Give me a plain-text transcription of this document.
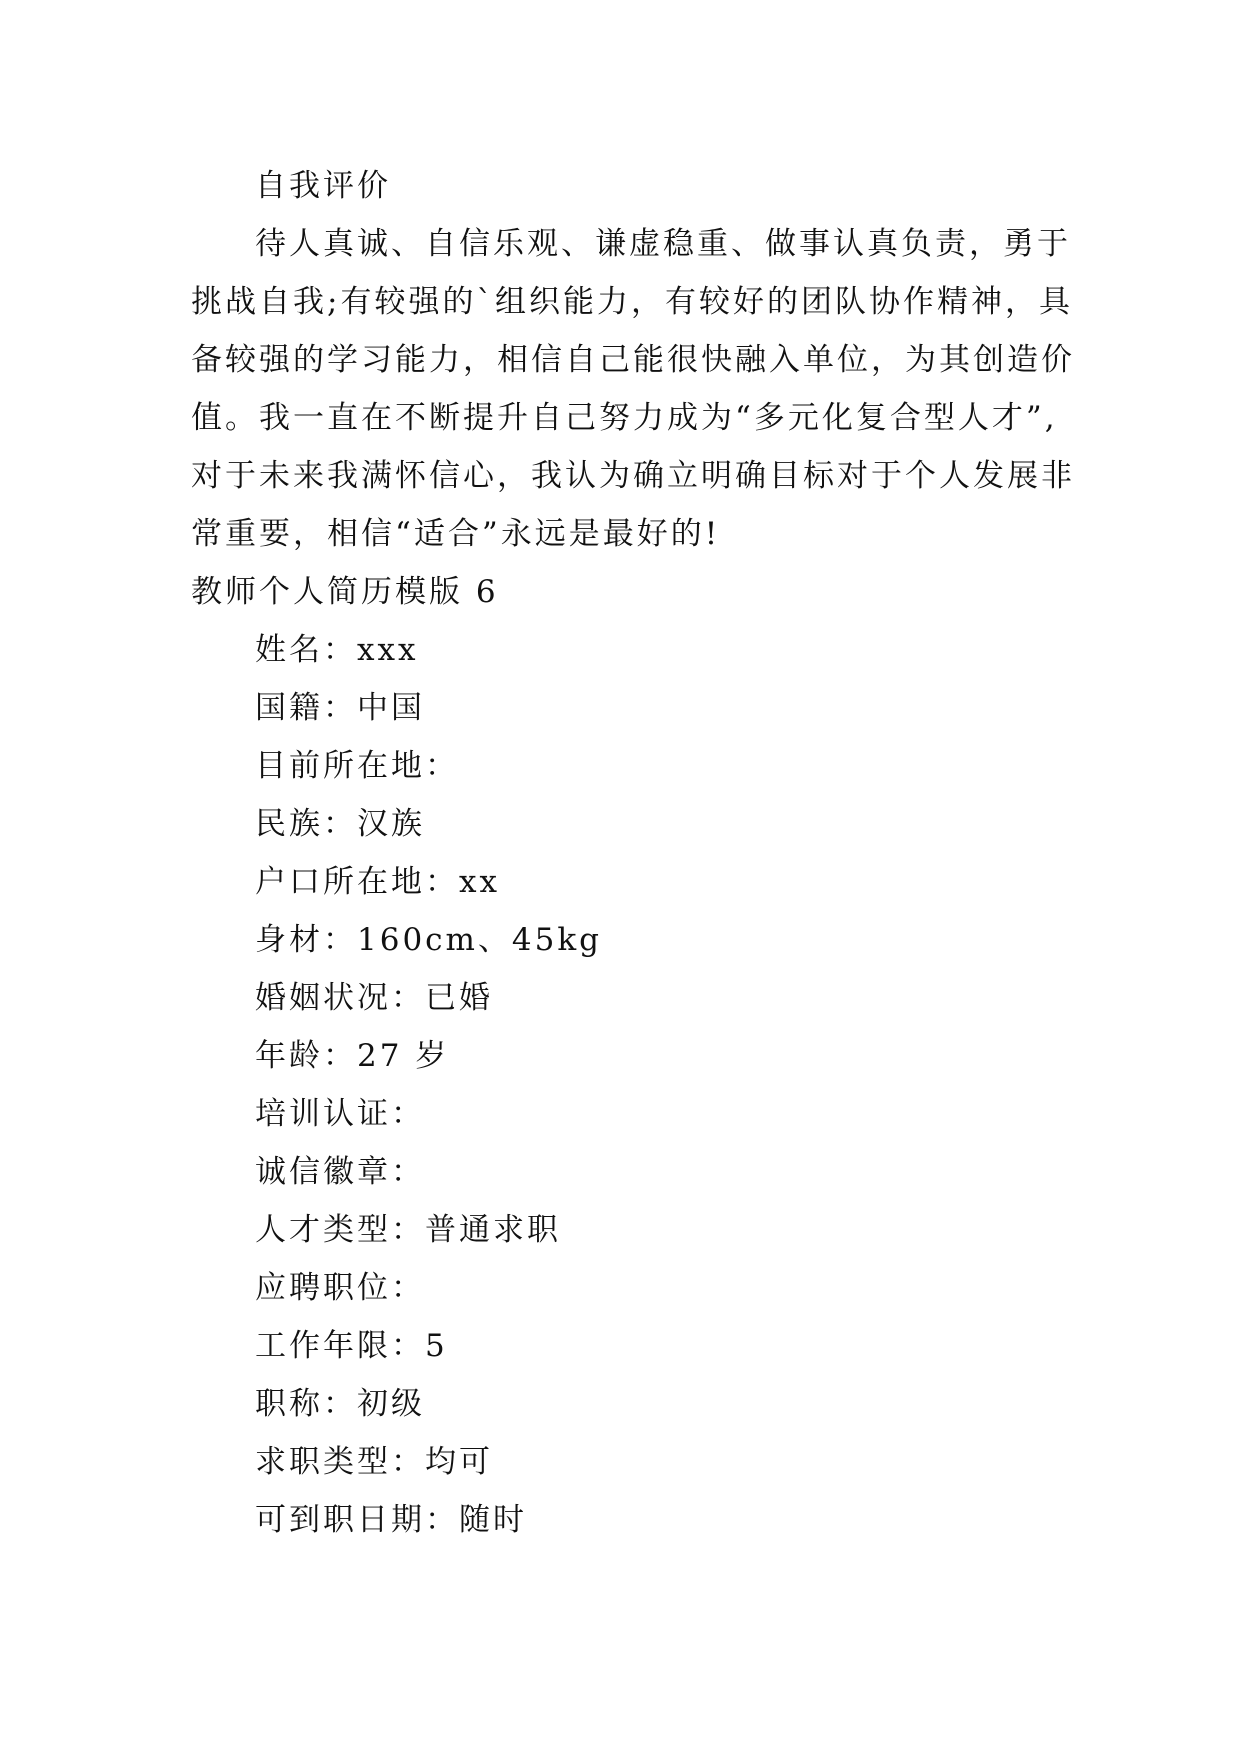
自我评价
待人真诚、自信乐观、谦虚稳重、做事认真负责，勇于
挑战自我;有较强的`组织能力，有较好的团队协作精神，具
备较强的学习能力，相信自己能很快融入单位，为其创造价
值。我一直在不断提升自己努力成为“多元化复合型人才”,
对于未来我满怀信心，我认为确立明确目标对于个人发展非
常重要，相信“适合”永远是最好的!
教师个人简历模版 6
姓名：xxx
国籍：中国
目前所在地：
民族：汉族
户口所在地：xx
身材：160cm、45kg
婚姻状况：已婚
年龄：27 岁
培训认证：
诚信徽章：
人才类型：普通求职
应聘职位：
工作年限：5
职称：初级
求职类型：均可
可到职日期：随时
